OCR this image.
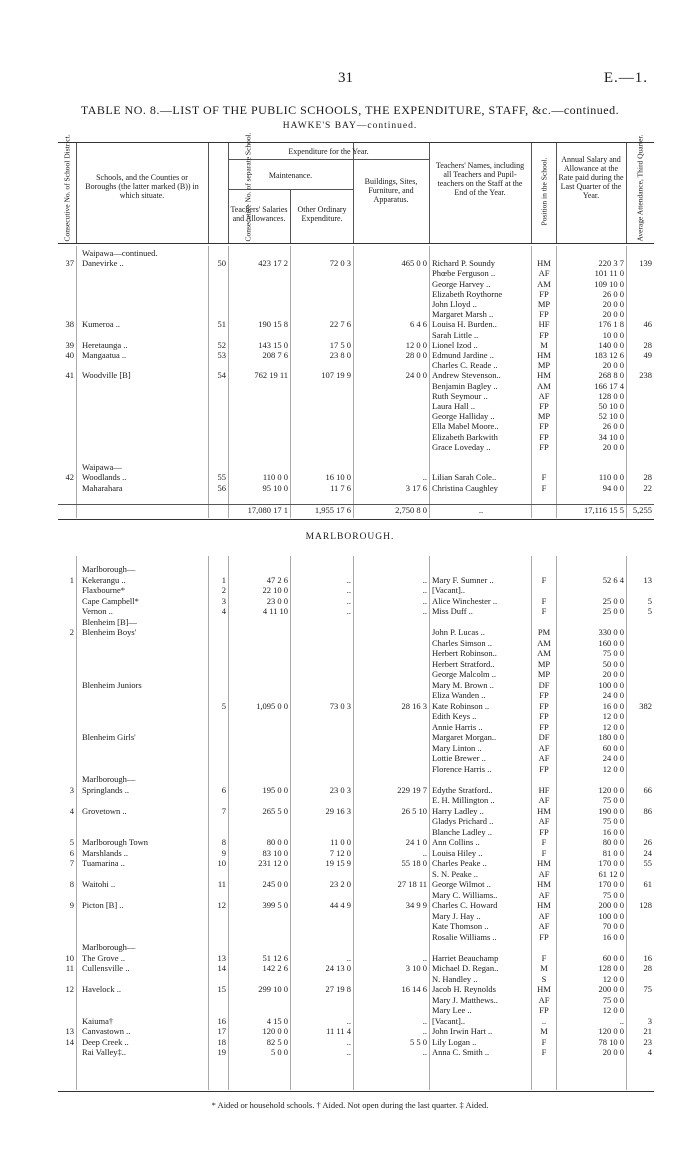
31	E.—1.
TABLE NO. 8.—LIST OF THE PUBLIC SCHOOLS, THE EXPENDITURE, STAFF, &c.—continued.
HAWKE'S BAY—continued.
Consecutive No. of School District.	Schools, and the Counties or Boroughs (the latter marked (B)) in which situate.	Consecutive No. of separate School.	Expenditure for the Year.
Maintenance.
Teachers' Salaries and Allowances.
Other Ordinary Expenditure.
Buildings, Sites, Furniture, and Apparatus.
Teachers' Names, including all Teachers and Pupil-teachers on the Staff at the End of the Year.	Position in the School.	Annual Salary and Allowance at the Rate paid during the Last Quarter of the Year.	Average Attendance, Third Quarter.
Waipawa—continued.
37 Danevirke ..	50	423 17 2	72 0 3	465 0 0 Richard P. Soundy	HM	220 3 7	139
Phœbe Ferguson ..	AF	101 11 0
George Harvey ..	AM	109 10 0
Elizabeth Roythorne	FP	26 0 0
John Lloyd ..	MP	20 0 0
Margaret Marsh ..	FP	20 0 0
38 Kumeroa ..	51	190 15 8	22 7 6	6 4 6 Louisa H. Burden..	HF	176 1 8	46
Sarah Little ..	FP	10 0 0
39 Heretaunga ..	52	143 15 0	17 5 0	12 0 0 Lionel Izod ..	M	140 0 0	28
40 Mangaatua ..	53	208 7 6	23 8 0	28 0 0 Edmund Jardine ..	HM	183 12 6	49
Charles C. Reade ..	MP	20 0 0
41 Woodville [B]	54	762 19 11	107 19 9	24 0 0 Andrew Stevenson..	HM	268 8 0	238
Benjamin Bagley ..	AM	166 17 4
Ruth Seymour ..	AF	128 0 0
Laura Hall ..	FP	50 10 0
George Halliday ..	MP	52 10 0
Ella Mabel Moore..	FP	26 0 0
Elizabeth Barkwith	FP	34 10 0
Grace Loveday ..	FP	20 0 0
Waipawa—
42 Woodlands ..	55	110 0 0	16 10 0	.. Lilian Sarah Cole..	F	110 0 0	28
Maharahara	56	95 10 0	11 7 6	3 17 6 Christina Caughley	F	94 0 0	22
17,080 17 1	1,955 17 6	2,750 8 0	..	17,116 15 5	5,255
MARLBOROUGH.
Marlborough—
1 Kekerangu ..	1	47 2 6	..	.. Mary F. Sumner ..	F	52 6 4	13
Flaxbourne*	2	22 10 0	..	.. [Vacant]..
Cape Campbell*	3	23 0 0	..	.. Alice Winchester ..	F	25 0 0	5
Vernon ..	4	4 11 10	..	.. Miss Duff ..	F	25 0 0	5
Blenheim [B]—
2 Blenheim Boys'	John P. Lucas ..	PM	330 0 0
Charles Simson ..	AM	160 0 0
Herbert Robinson..	AM	75 0 0
Herbert Stratford..	MP	50 0 0
George Malcolm ..	MP	20 0 0
Blenheim Juniors	Mary M. Brown ..	DF	100 0 0
Eliza Wanden ..	FP	24 0 0
5	1,095 0 0	73 0 3	28 16 3 Kate Robinson ..	FP	16 0 0	382
Edith Keys ..	FP	12 0 0
Annie Harris ..	FP	12 0 0
Blenheim Girls'	Margaret Morgan..	DF	180 0 0
Mary Linton ..	AF	60 0 0
Lottie Brewer ..	AF	24 0 0
Florence Harris ..	FP	12 0 0
Marlborough—
3 Springlands ..	6	195 0 0	23 0 3	229 19 7 Edythe Stratford..	HF	120 0 0	66
E. H. Millington ..	AF	75 0 0
4 Grovetown ..	7	265 5 0	29 16 3	26 5 10 Harry Ladley ..	HM	190 0 0	86
Gladys Prichard ..	AF	75 0 0
Blanche Ladley ..	FP	16 0 0
5 Marlborough Town	8	80 0 0	11 0 0	24 1 0 Ann Collins ..	F	80 0 0	26
6 Marshlands ..	9	83 10 0	7 12 0	.. Louisa Hiley ..	F	81 0 0	24
7 Tuamarina ..	10	231 12 0	19 15 9	55 18 0 Charles Peake ..	HM	170 0 0	55
S. N. Peake ..	AF	61 12 0
8 Waitohi ..	11	245 0 0	23 2 0	27 18 11 George Wilmot ..	HM	170 0 0	61
Mary C. Williams..	AF	75 0 0
9 Picton [B] ..	12	399 5 0	44 4 9	34 9 9 Charles C. Howard	HM	200 0 0	128
Mary J. Hay ..	AF	100 0 0
Kate Thomson ..	AF	70 0 0
Rosalie Williams ..	FP	16 0 0
Marlborough—
10 The Grove ..	13	51 12 6	..	.. Harriet Beauchamp	F	60 0 0	16
11 Cullensville ..	14	142 2 6	24 13 0	3 10 0 Michael D. Regan..	M	128 0 0	28
N. Handley ..	S	12 0 0
12 Havelock ..	15	299 10 0	27 19 8	16 14 6 Jacob H. Reynolds	HM	200 0 0	75
Mary J. Matthews..	AF	75 0 0
Mary Lee ..	FP	12 0 0
Kaiuma†	16	4 15 0	..	.. [Vacant]..	..	..	3
13 Canvastown ..	17	120 0 0	11 11 4	.. John Irwin Hart ..	M	120 0 0	21
14 Deep Creek ..	18	82 5 0	..	5 5 0 Lily Logan ..	F	78 10 0	23
Rai Valley‡..	19	5 0 0	..	.. Anna C. Smith ..	F	20 0 0	4
* Aided or household schools. † Aided. Not open during the last quarter. ‡ Aided.
